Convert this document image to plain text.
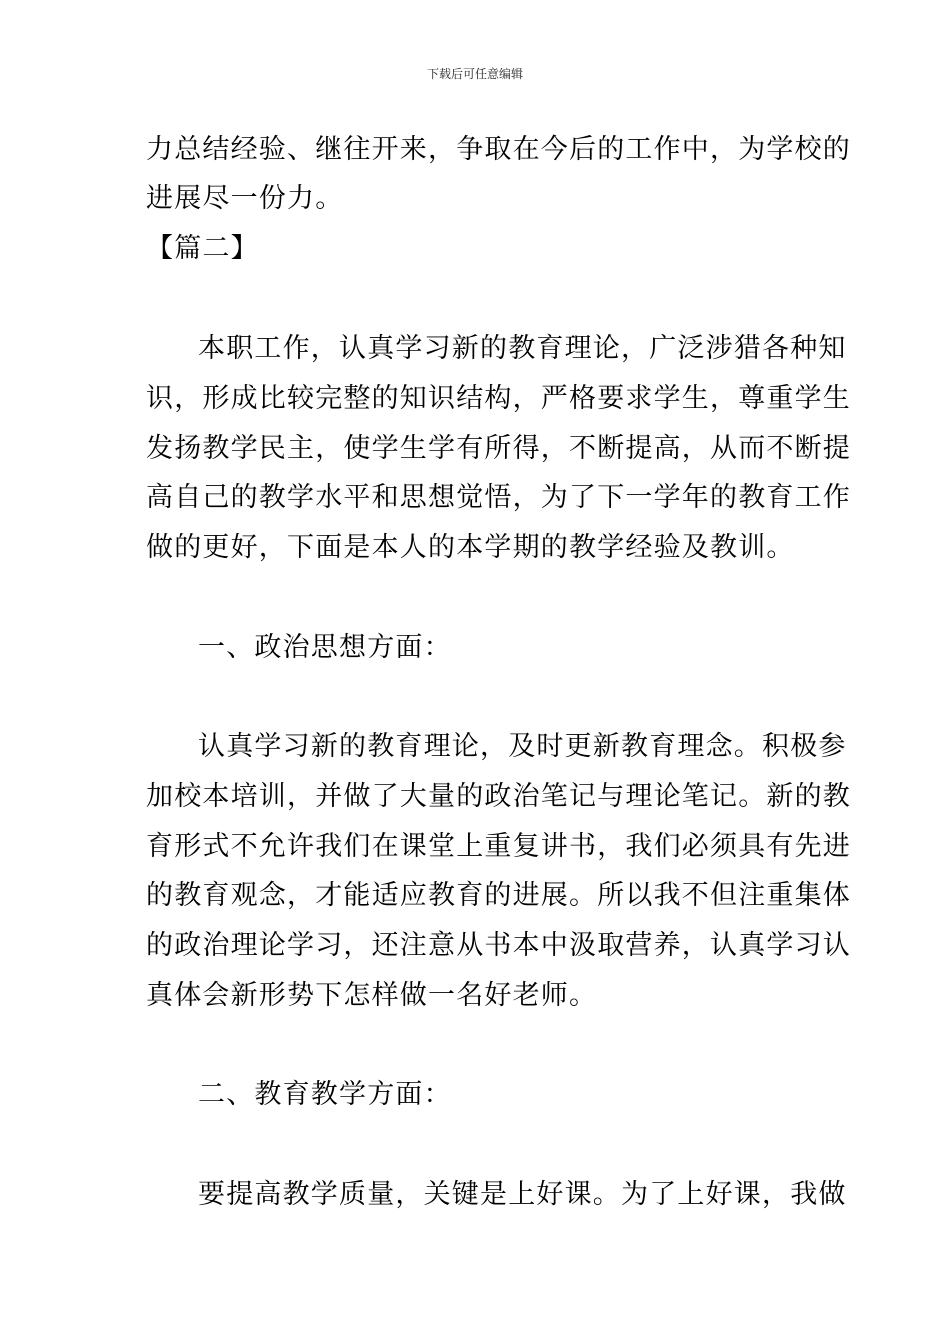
下载后可任意编辑
力总结经验、继往开来，争取在今后的工作中，为学校的
进展尽一份力。
【篇二】
本职工作，认真学习新的教育理论，广泛涉猎各种知
识，形成比较完整的知识结构，严格要求学生，尊重学生
发扬教学民主，使学生学有所得，不断提高，从而不断提
高自己的教学水平和思想觉悟，为了下一学年的教育工作
做的更好，下面是本人的本学期的教学经验及教训。
一、政治思想方面：
认真学习新的教育理论，及时更新教育理念。积极参
加校本培训，并做了大量的政治笔记与理论笔记。新的教
育形式不允许我们在课堂上重复讲书，我们必须具有先进
的教育观念，才能适应教育的进展。所以我不但注重集体
的政治理论学习，还注意从书本中汲取营养，认真学习认
真体会新形势下怎样做一名好老师。
二、教育教学方面：
要提高教学质量，关键是上好课。为了上好课，我做
